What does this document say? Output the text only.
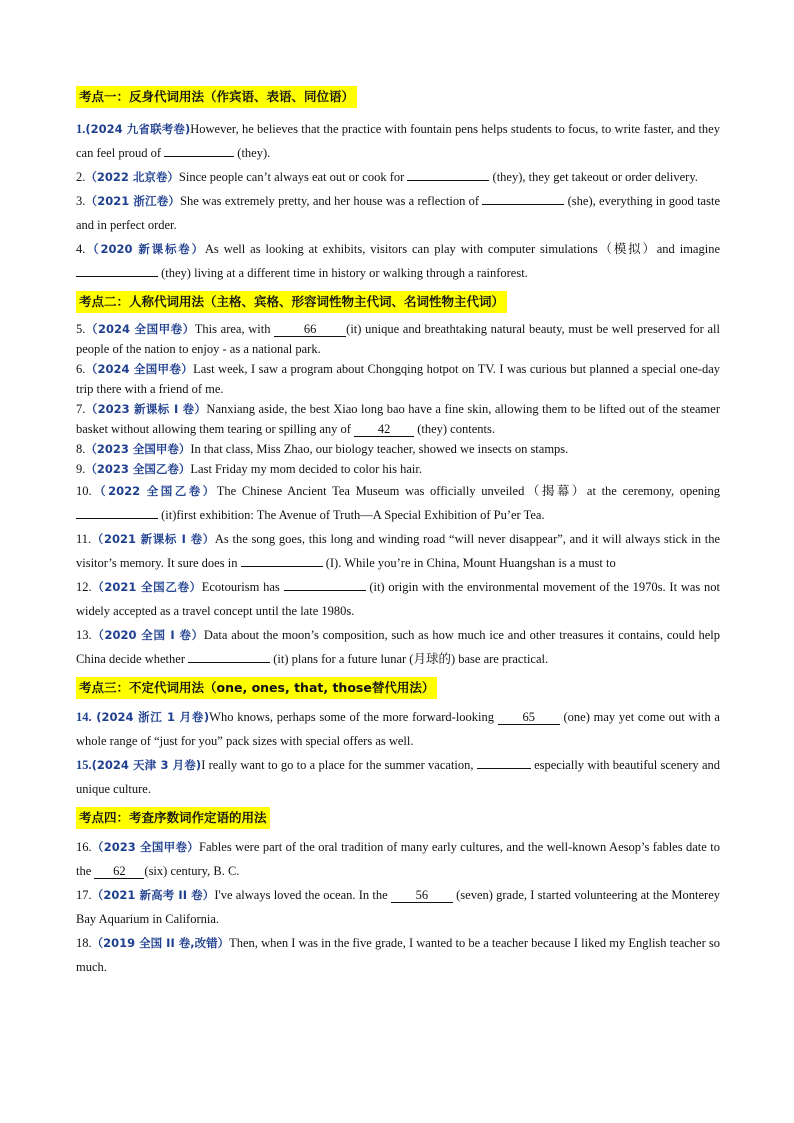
考点一：反身代词用法（作宾语、表语、同位语）

1.(2024 九省联考卷)However, he believes that the practice with fountain pens helps students to focus, to write faster, and they can feel proud of	(they).

2.（2022 北京卷）Since people can’t always eat out or cook for	(they), they get takeout or order delivery.

3.（2021 浙江卷）She was extremely pretty, and her house was a reflection of	(she), everything in good taste and in perfect order.

4.（2020 新课标卷）As well as looking at exhibits, visitors can play with computer simulations（模拟）and imagine  (they) living at a different time in history or walking through a rainforest.

考点二：人称代词用法（主格、宾格、形容词性物主代词、名词性物主代词）

5.（2024 全国甲卷）This area, with 66 (it) unique and breathtaking natural beauty, must be well preserved for all people of the nation to enjoy - as a national park.

6.（2024 全国甲卷）Last week, I saw a program about Chongqing hotpot on TV. I was curious but planned a special one-day trip there with a friend of me.

7.（2023 新课标 I 卷）Nanxiang aside, the best Xiao long bao have a fine skin, allowing them to be lifted out of the steamer basket without allowing them tearing or spilling any of 42 (they) contents.

8.（2023 全国甲卷）In that class, Miss Zhao, our biology teacher, showed we insects on stamps.

9.（2023 全国乙卷）Last Friday my mom decided to color his hair.

10.（2022 全国乙卷）The Chinese Ancient Tea Museum was officially unveiled（揭幕）at the ceremony, opening  (it)first exhibition: The Avenue of Truth—A Special Exhibition of Pu’er Tea.

11.（2021 新课标 I 卷）As the song goes, this long and winding road “will never disappear”, and it will always stick in the visitor’s memory. It sure does in	(I). While you’re in China, Mount Huangshan is a must to

12.（2021 全国乙卷）Ecotourism has	(it) origin with the environmental movement of the 1970s. It was not widely accepted as a travel concept until the late 1980s.

13.（2020 全国 I 卷）Data about the moon’s composition, such as how much ice and other treasures it contains, could help China decide whether	(it) plans for a future lunar (月球的) base are practical.

考点三：不定代词用法（one, ones, that, those替代用法）

14. (2024 浙江 1 月卷)Who knows, perhaps some of the more forward-looking 65 (one) may yet come out with a whole range of “just for you” pack sizes with special offers as well.

15.(2024 天津 3 月卷)I really want to go to a place for the summer vacation,	especially with beautiful scenery and unique culture.

考点四：考查序数词作定语的用法

16.（2023 全国甲卷）Fables were part of the oral tradition of many early cultures, and the well-known Aesop’s fables date to the 62 (six) century, B. C.

17.（2021 新高考 II 卷）I've always loved the ocean. In the 56 (seven) grade, I started volunteering at the Monterey Bay Aquarium in California.

18.（2019 全国 II 卷,改错）Then, when I was in the five grade, I wanted to be a teacher because I liked my English teacher so much.
